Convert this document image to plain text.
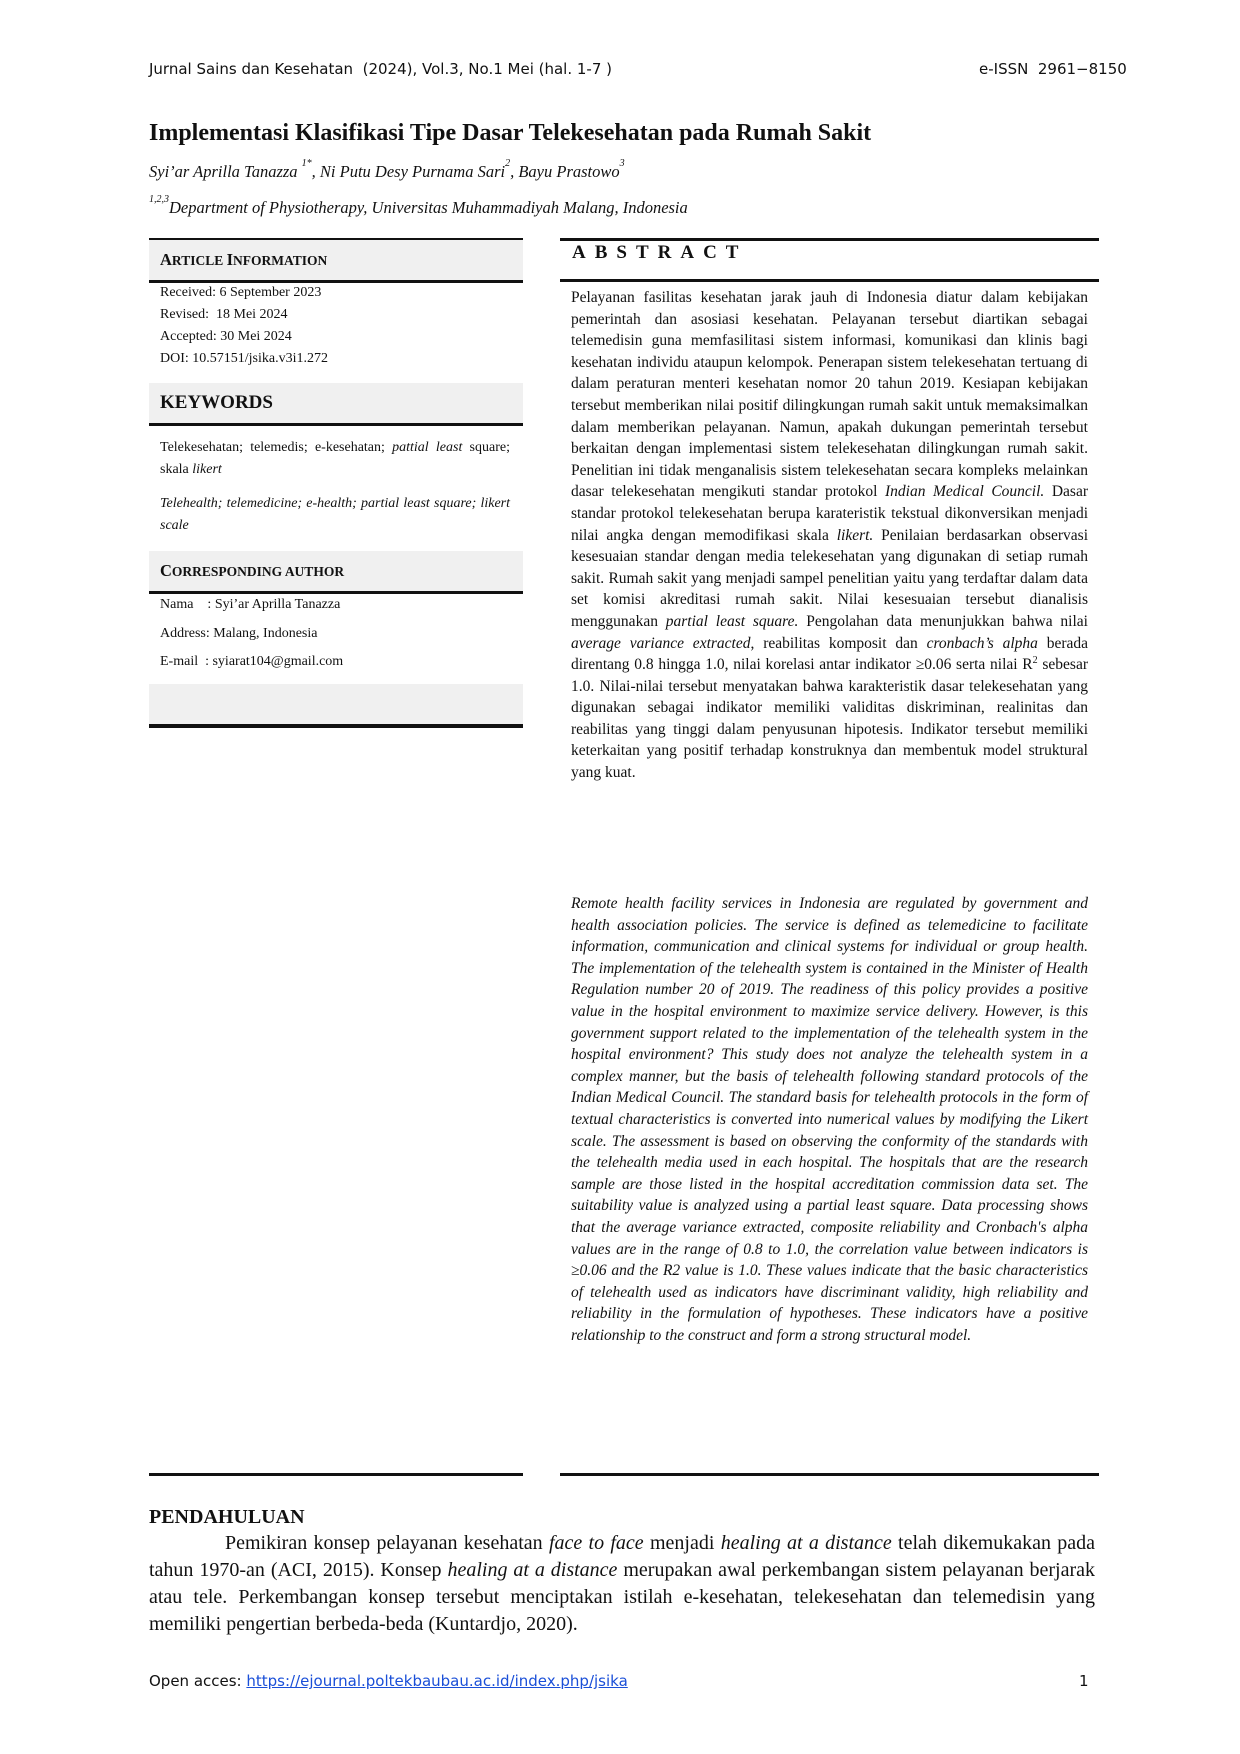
Jurnal Sains dan Kesehatan  (2024), Vol.3, No.1 Mei (hal. 1-7 )	e-ISSN  2961−8150
Implementasi Klasifikasi Tipe Dasar Telekesehatan pada Rumah Sakit
Syi’ar Aprilla Tanazza $^{1*}$, Ni Putu Desy Purnama Sari$^2$, Bayu Prastowo$^3$
$^{1,2,3}$Department of Physiotherapy, Universitas Muhammadiyah Malang, Indonesia
ARTICLE INFORMATION
Received: 6 September 2023
Revised:  18 Mei 2024
Accepted: 30 Mei 2024
DOI: 10.57151/jsika.v3i1.272
KEYWORDS
Telekesehatan; telemedis; e-kesehatan; pattial least square; skala likert
Telehealth; telemedicine; e-health; partial least square; likert scale
CORRESPONDING AUTHOR
Nama    : Syi’ar Aprilla Tanazza
Address: Malang, Indonesia
E-mail  : syiarat104@gmail.com
ABSTRACT
Pelayanan fasilitas kesehatan jarak jauh di Indonesia diatur dalam kebijakan pemerintah dan asosiasi kesehatan. Pelayanan tersebut diartikan sebagai telemedisin guna memfasilitasi sistem informasi, komunikasi dan klinis bagi kesehatan individu ataupun kelompok. Penerapan sistem telekesehatan tertuang di dalam peraturan menteri kesehatan nomor 20 tahun 2019. Kesiapan kebijakan tersebut memberikan nilai positif dilingkungan rumah sakit untuk memaksimalkan dalam memberikan pelayanan. Namun, apakah dukungan pemerintah tersebut berkaitan dengan implementasi sistem telekesehatan dilingkungan rumah sakit. Penelitian ini tidak menganalisis sistem telekesehatan secara kompleks melainkan dasar telekesehatan mengikuti standar protokol Indian Medical Council. Dasar standar protokol telekesehatan berupa karateristik tekstual dikonversikan menjadi nilai angka dengan memodifikasi skala likert. Penilaian berdasarkan observasi kesesuaian standar dengan media telekesehatan yang digunakan di setiap rumah sakit. Rumah sakit yang menjadi sampel penelitian yaitu yang terdaftar dalam data set komisi akreditasi rumah sakit. Nilai kesesuaian tersebut dianalisis menggunakan partial least square. Pengolahan data menunjukkan bahwa nilai average variance extracted, reabilitas komposit dan cronbach’s alpha berada direntang 0.8 hingga 1.0, nilai korelasi antar indikator ≥0.06 serta nilai $R^2$ sebesar 1.0. Nilai-nilai tersebut menyatakan bahwa karakteristik dasar telekesehatan yang digunakan sebagai indikator memiliki validitas diskriminan, realinitas dan reabilitas yang tinggi dalam penyusunan hipotesis. Indikator tersebut memiliki keterkaitan yang positif terhadap konstruknya dan membentuk model struktural yang kuat.
Remote health facility services in Indonesia are regulated by government and health association policies. The service is defined as telemedicine to facilitate information, communication and clinical systems for individual or group health. The implementation of the telehealth system is contained in the Minister of Health Regulation number 20 of 2019. The readiness of this policy provides a positive value in the hospital environment to maximize service delivery. However, is this government support related to the implementation of the telehealth system in the hospital environment? This study does not analyze the telehealth system in a complex manner, but the basis of telehealth following standard protocols of the Indian Medical Council. The standard basis for telehealth protocols in the form of textual characteristics is converted into numerical values by modifying the Likert scale. The assessment is based on observing the conformity of the standards with the telehealth media used in each hospital. The hospitals that are the research sample are those listed in the hospital accreditation commission data set. The suitability value is analyzed using a partial least square. Data processing shows that the average variance extracted, composite reliability and Cronbach's alpha values are in the range of 0.8 to 1.0, the correlation value between indicators is ≥0.06 and the R2 value is 1.0. These values indicate that the basic characteristics of telehealth used as indicators have discriminant validity, high reliability and reliability in the formulation of hypotheses. These indicators have a positive relationship to the construct and form a strong structural model.
PENDAHULUAN
Pemikiran konsep pelayanan kesehatan face to face menjadi healing at a distance telah dikemukakan pada tahun 1970-an (ACI, 2015). Konsep healing at a distance merupakan awal perkembangan sistem pelayanan berjarak atau tele. Perkembangan konsep tersebut menciptakan istilah e-kesehatan, telekesehatan dan telemedisin yang memiliki pengertian berbeda-beda (Kuntardjo, 2020).
Open acces: https://ejournal.poltekbaubau.ac.id/index.php/jsika	1
